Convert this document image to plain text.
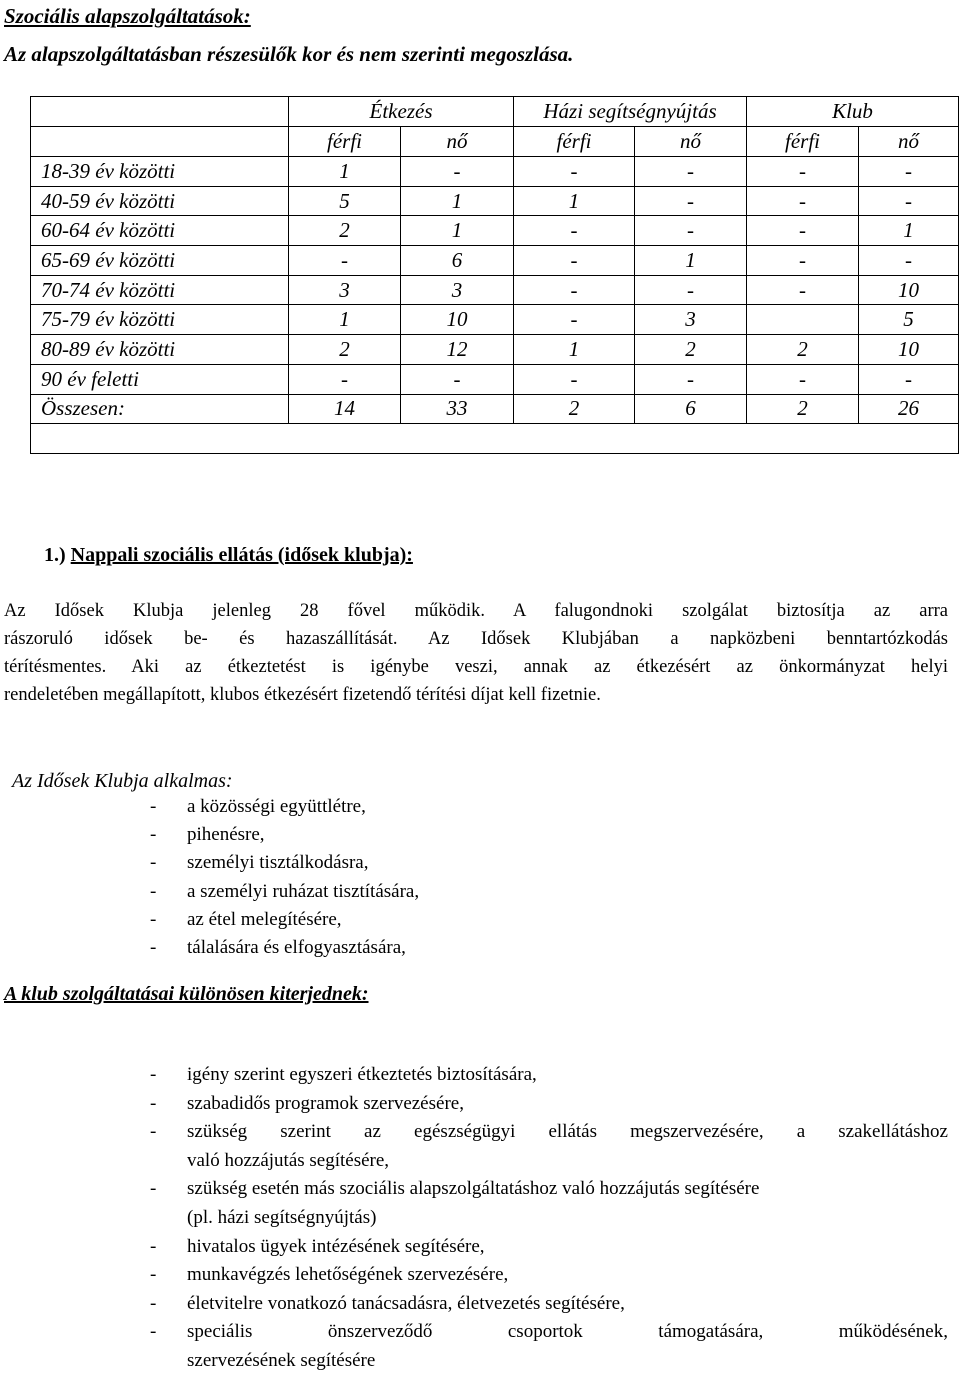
Szociális alapszolgáltatások:
Az alapszolgáltatásban részesülők kor és nem szerinti megoszlása.
	Étkezés		Házi segítségnyújtás		Klub	
	férfi	nő	férfi	nő	férfi	nő
18-39 év közötti	1	-	-	-	-	-
40-59 év közötti	5	1	1	-	-	-
60-64 év közötti	2	1	-	-	-	1
65-69 év közötti	-	6	-	1	-	-
70-74 év közötti	3	3	-	-	-	10
75-79 év közötti	1	10	-	3		5
80-89 év közötti	2	12	1	2	2	10
90 év feletti	-	-	-	-	-	-
Összesen:	14	33	2	6	2	26

1.) Nappali szociális ellátás (idősek klubja):
Az Idősek Klubja jelenleg 28 fővel működik. A falugondnoki szolgálat biztosítja az arra
rászoruló idősek be- és hazaszállítását. Az Idősek Klubjában a napközbeni benntartózkodás
térítésmentes. Aki az étkeztetést is igénybe veszi, annak az étkezésért az önkormányzat helyi
rendeletében megállapított, klubos étkezésért fizetendő térítési díjat kell fizetnie.
Az Idősek Klubja alkalmas:
- a közösségi együttlétre,
- pihenésre,
- személyi tisztálkodásra,
- a személyi ruházat tisztítására,
- az étel melegítésére,
- tálalására és elfogyasztására,
A klub szolgáltatásai különösen kiterjednek:
- igény szerint egyszeri étkeztetés biztosítására,
- szabadidős programok szervezésére,
- szükség szerint az egészségügyi ellátás megszervezésére, a szakellátáshoz
való hozzájutás segítésére,
- szükség esetén más szociális alapszolgáltatáshoz való hozzájutás segítésére
(pl. házi segítségnyújtás)
- hivatalos ügyek intézésének segítésére,
- munkavégzés lehetőségének szervezésére,
- életvitelre vonatkozó tanácsadásra, életvezetés segítésére,
- speciális önszerveződő csoportok támogatására, működésének,
szervezésének segítésére
